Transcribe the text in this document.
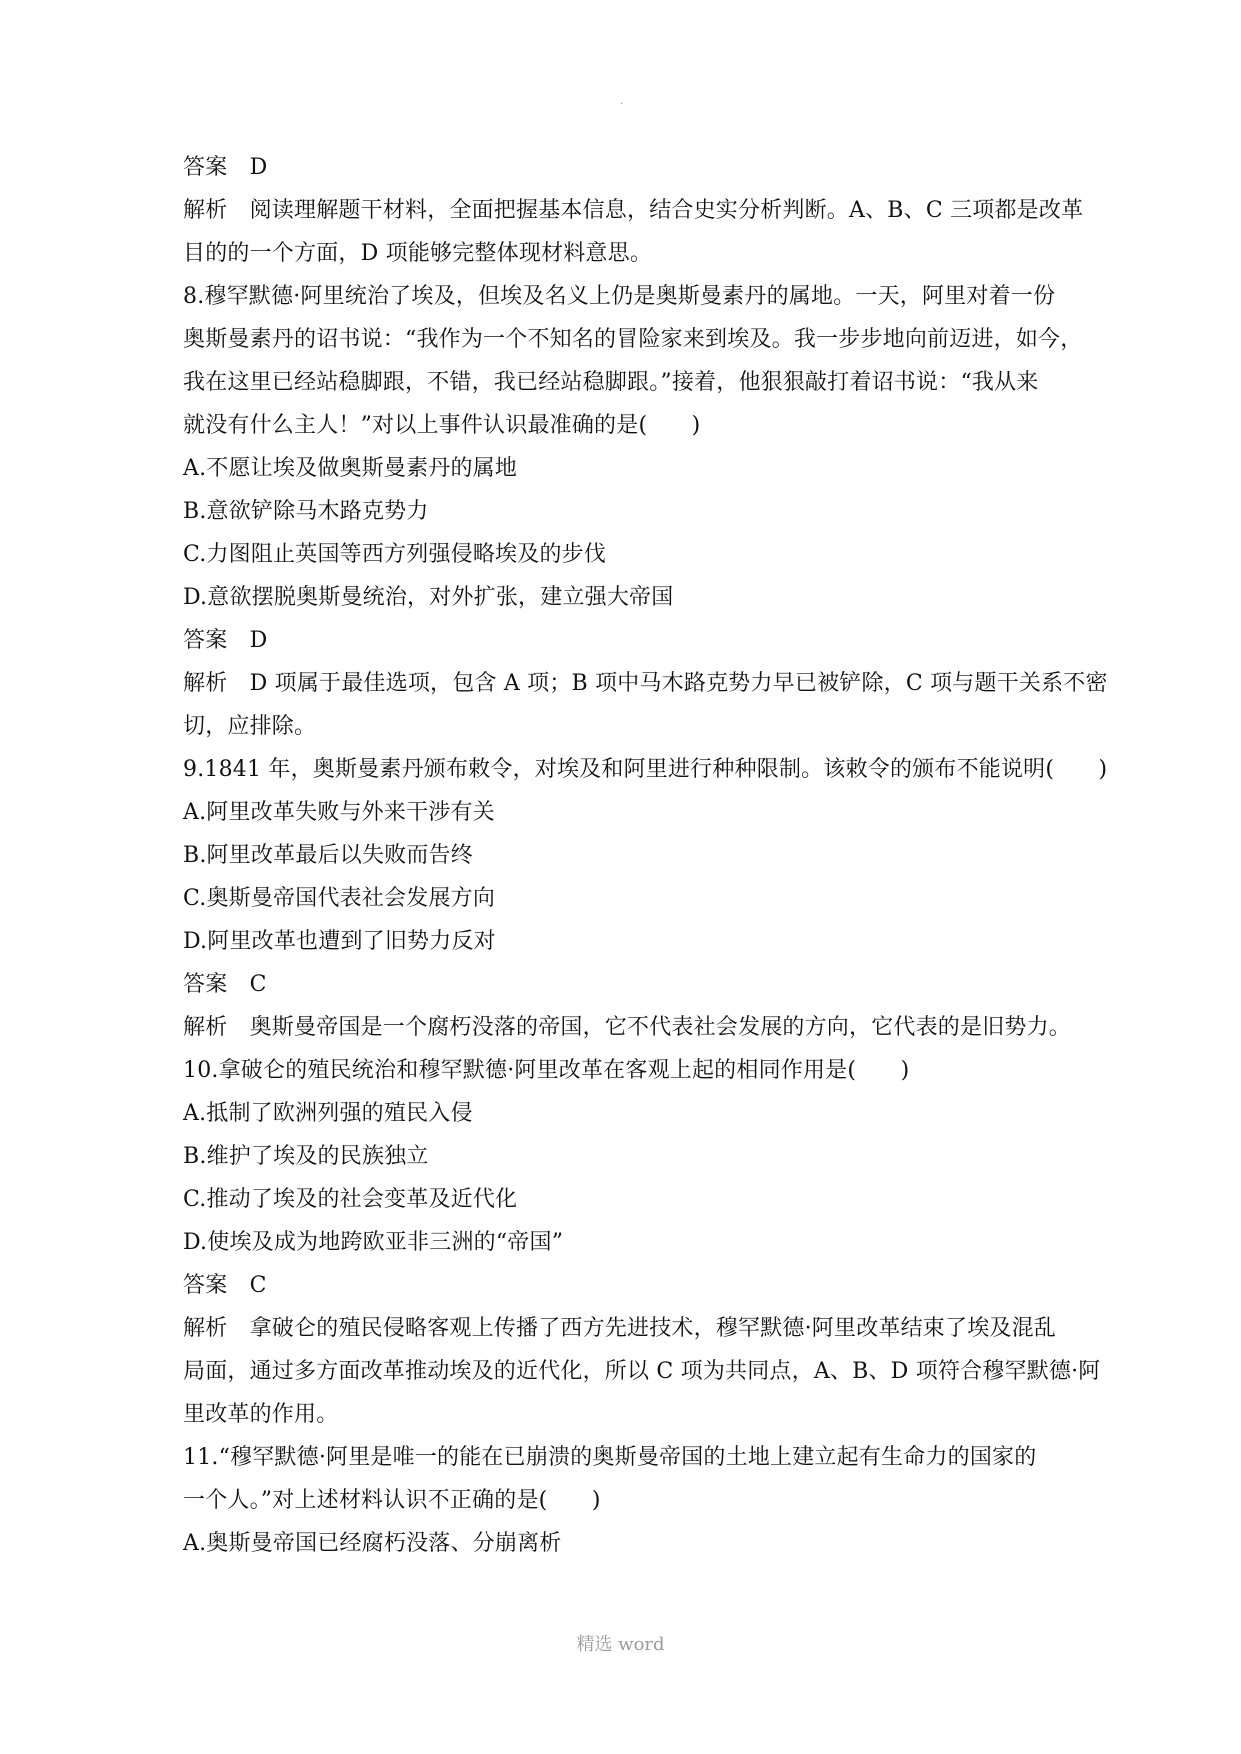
.
答案　D
解析　阅读理解题干材料，全面把握基本信息，结合史实分析判断。A、B、C 三项都是改革
目的的一个方面，D 项能够完整体现材料意思。
8.穆罕默德·阿里统治了埃及，但埃及名义上仍是奥斯曼素丹的属地。一天，阿里对着一份
奥斯曼素丹的诏书说：“我作为一个不知名的冒险家来到埃及。我一步步地向前迈进，如今，
我在这里已经站稳脚跟，不错，我已经站稳脚跟。”接着，他狠狠敲打着诏书说：“我从来
就没有什么主人！”对以上事件认识最准确的是(　　)
A.不愿让埃及做奥斯曼素丹的属地
B.意欲铲除马木路克势力
C.力图阻止英国等西方列强侵略埃及的步伐
D.意欲摆脱奥斯曼统治，对外扩张，建立强大帝国
答案　D
解析　D 项属于最佳选项，包含 A 项；B 项中马木路克势力早已被铲除，C 项与题干关系不密
切，应排除。
9.1841 年，奥斯曼素丹颁布敕令，对埃及和阿里进行种种限制。该敕令的颁布不能说明(　　)
A.阿里改革失败与外来干涉有关
B.阿里改革最后以失败而告终
C.奥斯曼帝国代表社会发展方向
D.阿里改革也遭到了旧势力反对
答案　C
解析　奥斯曼帝国是一个腐朽没落的帝国，它不代表社会发展的方向，它代表的是旧势力。
10.拿破仑的殖民统治和穆罕默德·阿里改革在客观上起的相同作用是(　　)
A.抵制了欧洲列强的殖民入侵
B.维护了埃及的民族独立
C.推动了埃及的社会变革及近代化
D.使埃及成为地跨欧亚非三洲的“帝国”
答案　C
解析　拿破仑的殖民侵略客观上传播了西方先进技术，穆罕默德·阿里改革结束了埃及混乱
局面，通过多方面改革推动埃及的近代化，所以 C 项为共同点，A、B、D 项符合穆罕默德·阿
里改革的作用。
11.“穆罕默德·阿里是唯一的能在已崩溃的奥斯曼帝国的土地上建立起有生命力的国家的
一个人。”对上述材料认识不正确的是(　　)
A.奥斯曼帝国已经腐朽没落、分崩离析
精选 word
